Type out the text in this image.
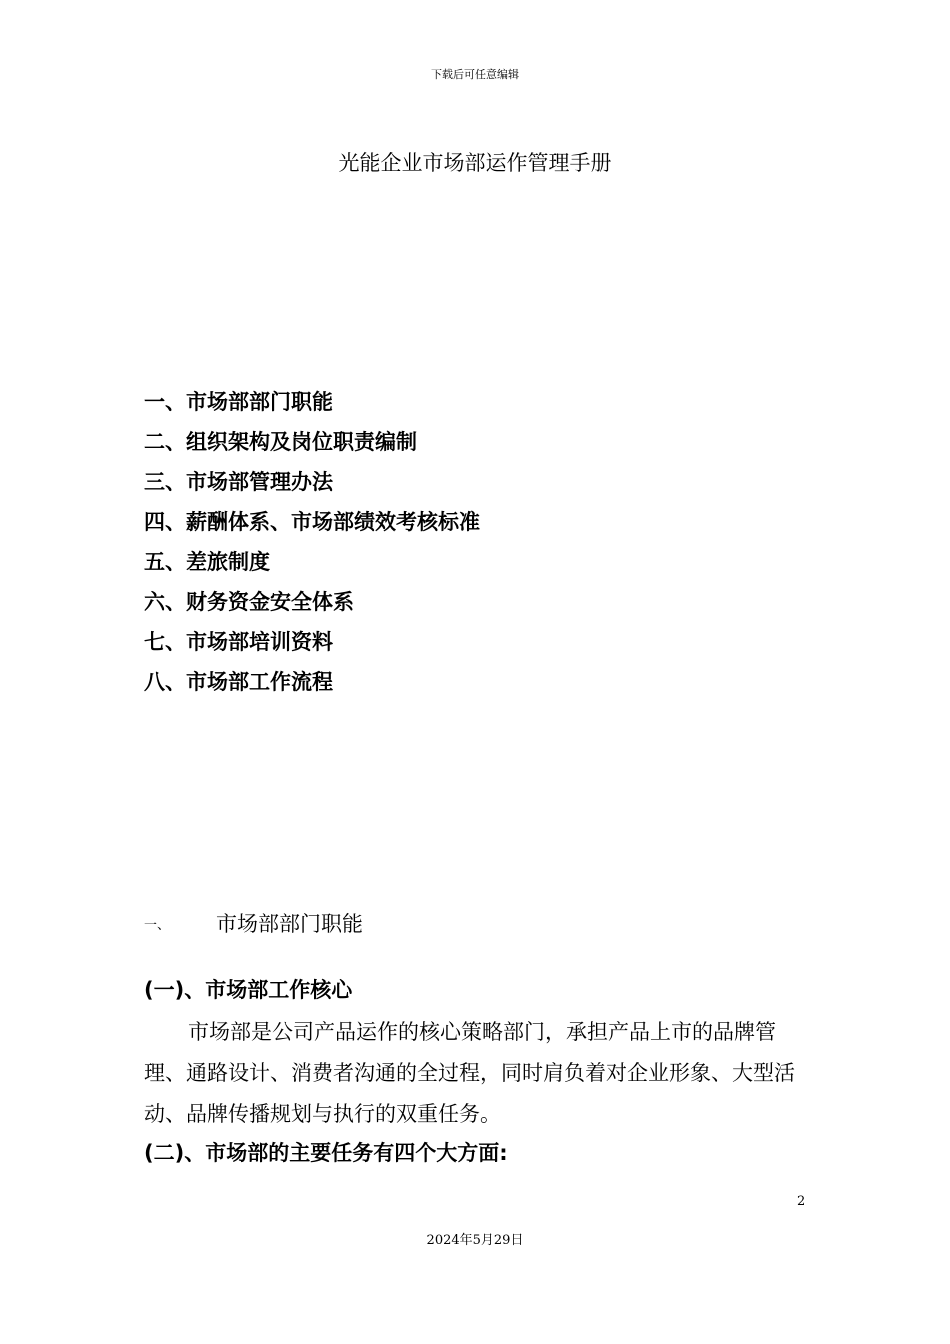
下载后可任意编辑
光能企业市场部运作管理手册
一、市场部部门职能
二、组织架构及岗位职责编制
三、市场部管理办法
四、薪酬体系、市场部绩效考核标准
五、差旅制度
六、财务资金安全体系
七、市场部培训资料
八、市场部工作流程
一、 市场部部门职能
(一)、市场部工作核心

市场部是公司产品运作的核心策略部门，承担产品上市的品牌管理、通路设计、消费者沟通的全过程，同时肩负着对企业形象、大型活动、品牌传播规划与执行的双重任务。

(二)、市场部的主要任务有四个大方面:
2
2024年5月29日
